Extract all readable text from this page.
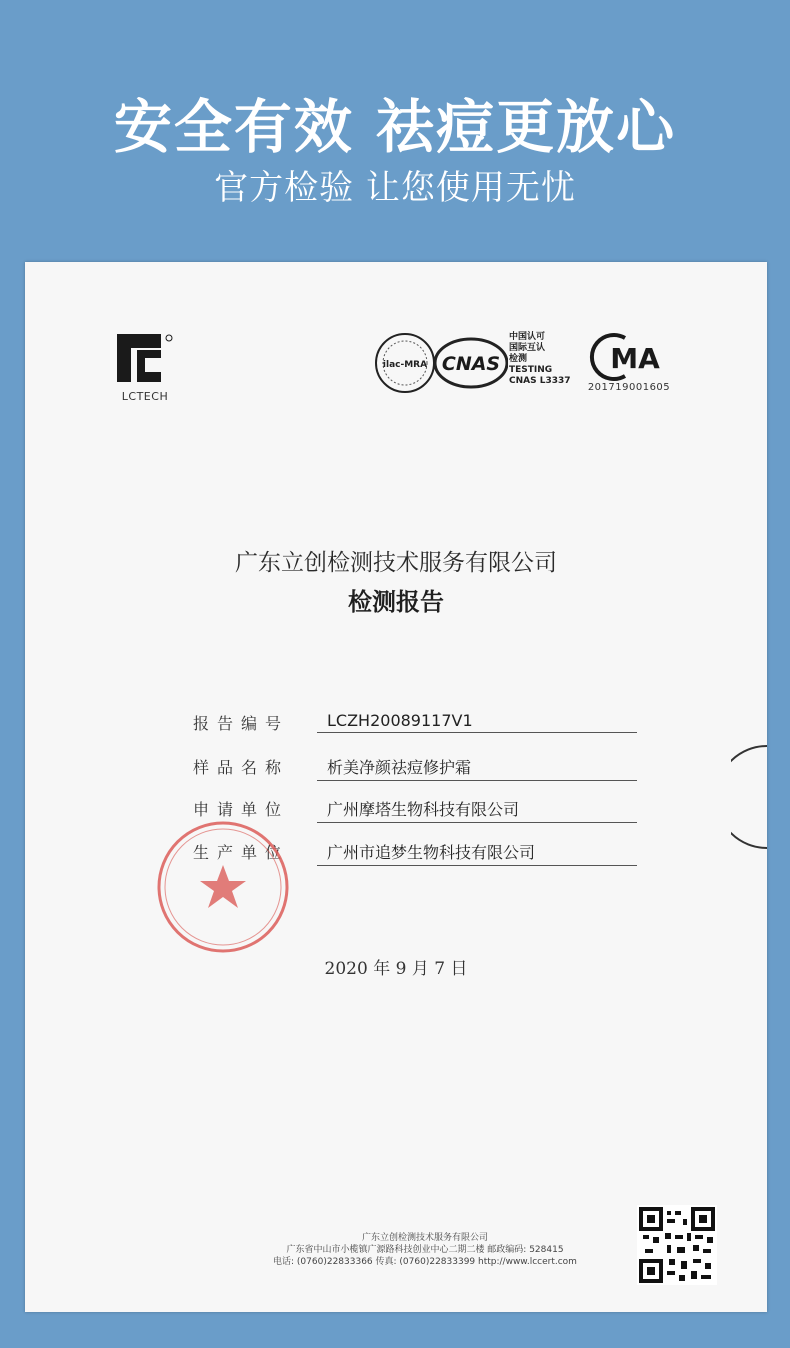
安全有效 祛痘更放心
官方检验 让您使用无忧
LCTECH
ilac-MRA CNAS
中国认可
国际互认
检测
TESTING
CNAS L3337
MA
201719001605
广东立创检测技术服务有限公司
检测报告
报告编号	LCZH20089117V1
样品名称	析美净颜祛痘修护霜
申请单位	广州摩塔生物科技有限公司
生产单位	广州市追梦生物科技有限公司
2020 年 9 月 7 日
广东立创检测技术服务有限公司
广东省中山市小榄镇广源路科技创业中心二期二楼 邮政编码: 528415
电话: (0760)22833366 传真: (0760)22833399 http://www.lccert.com
